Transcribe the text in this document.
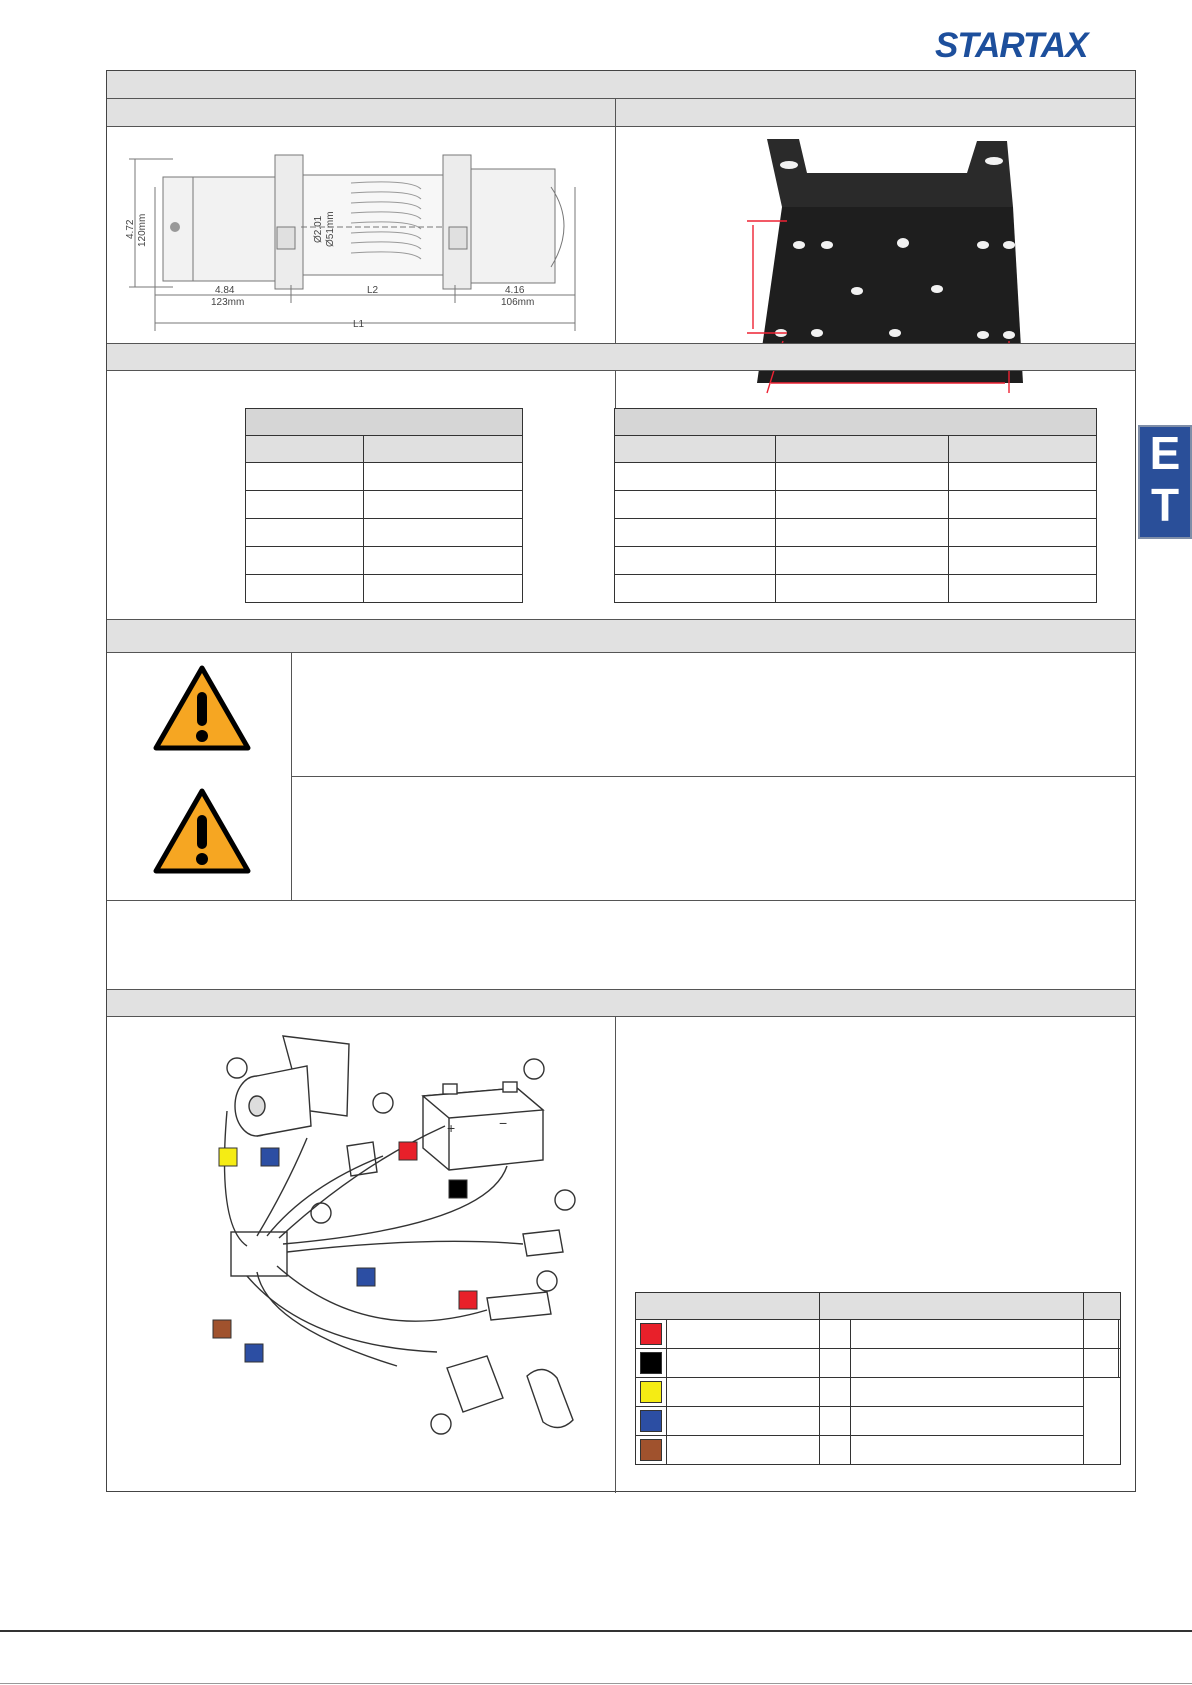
STARTAX
E
T
4.72 120mm	Ø2.01 Ø51mm
4.84
123mm
L2	4.16
106mm
L1

+	−
